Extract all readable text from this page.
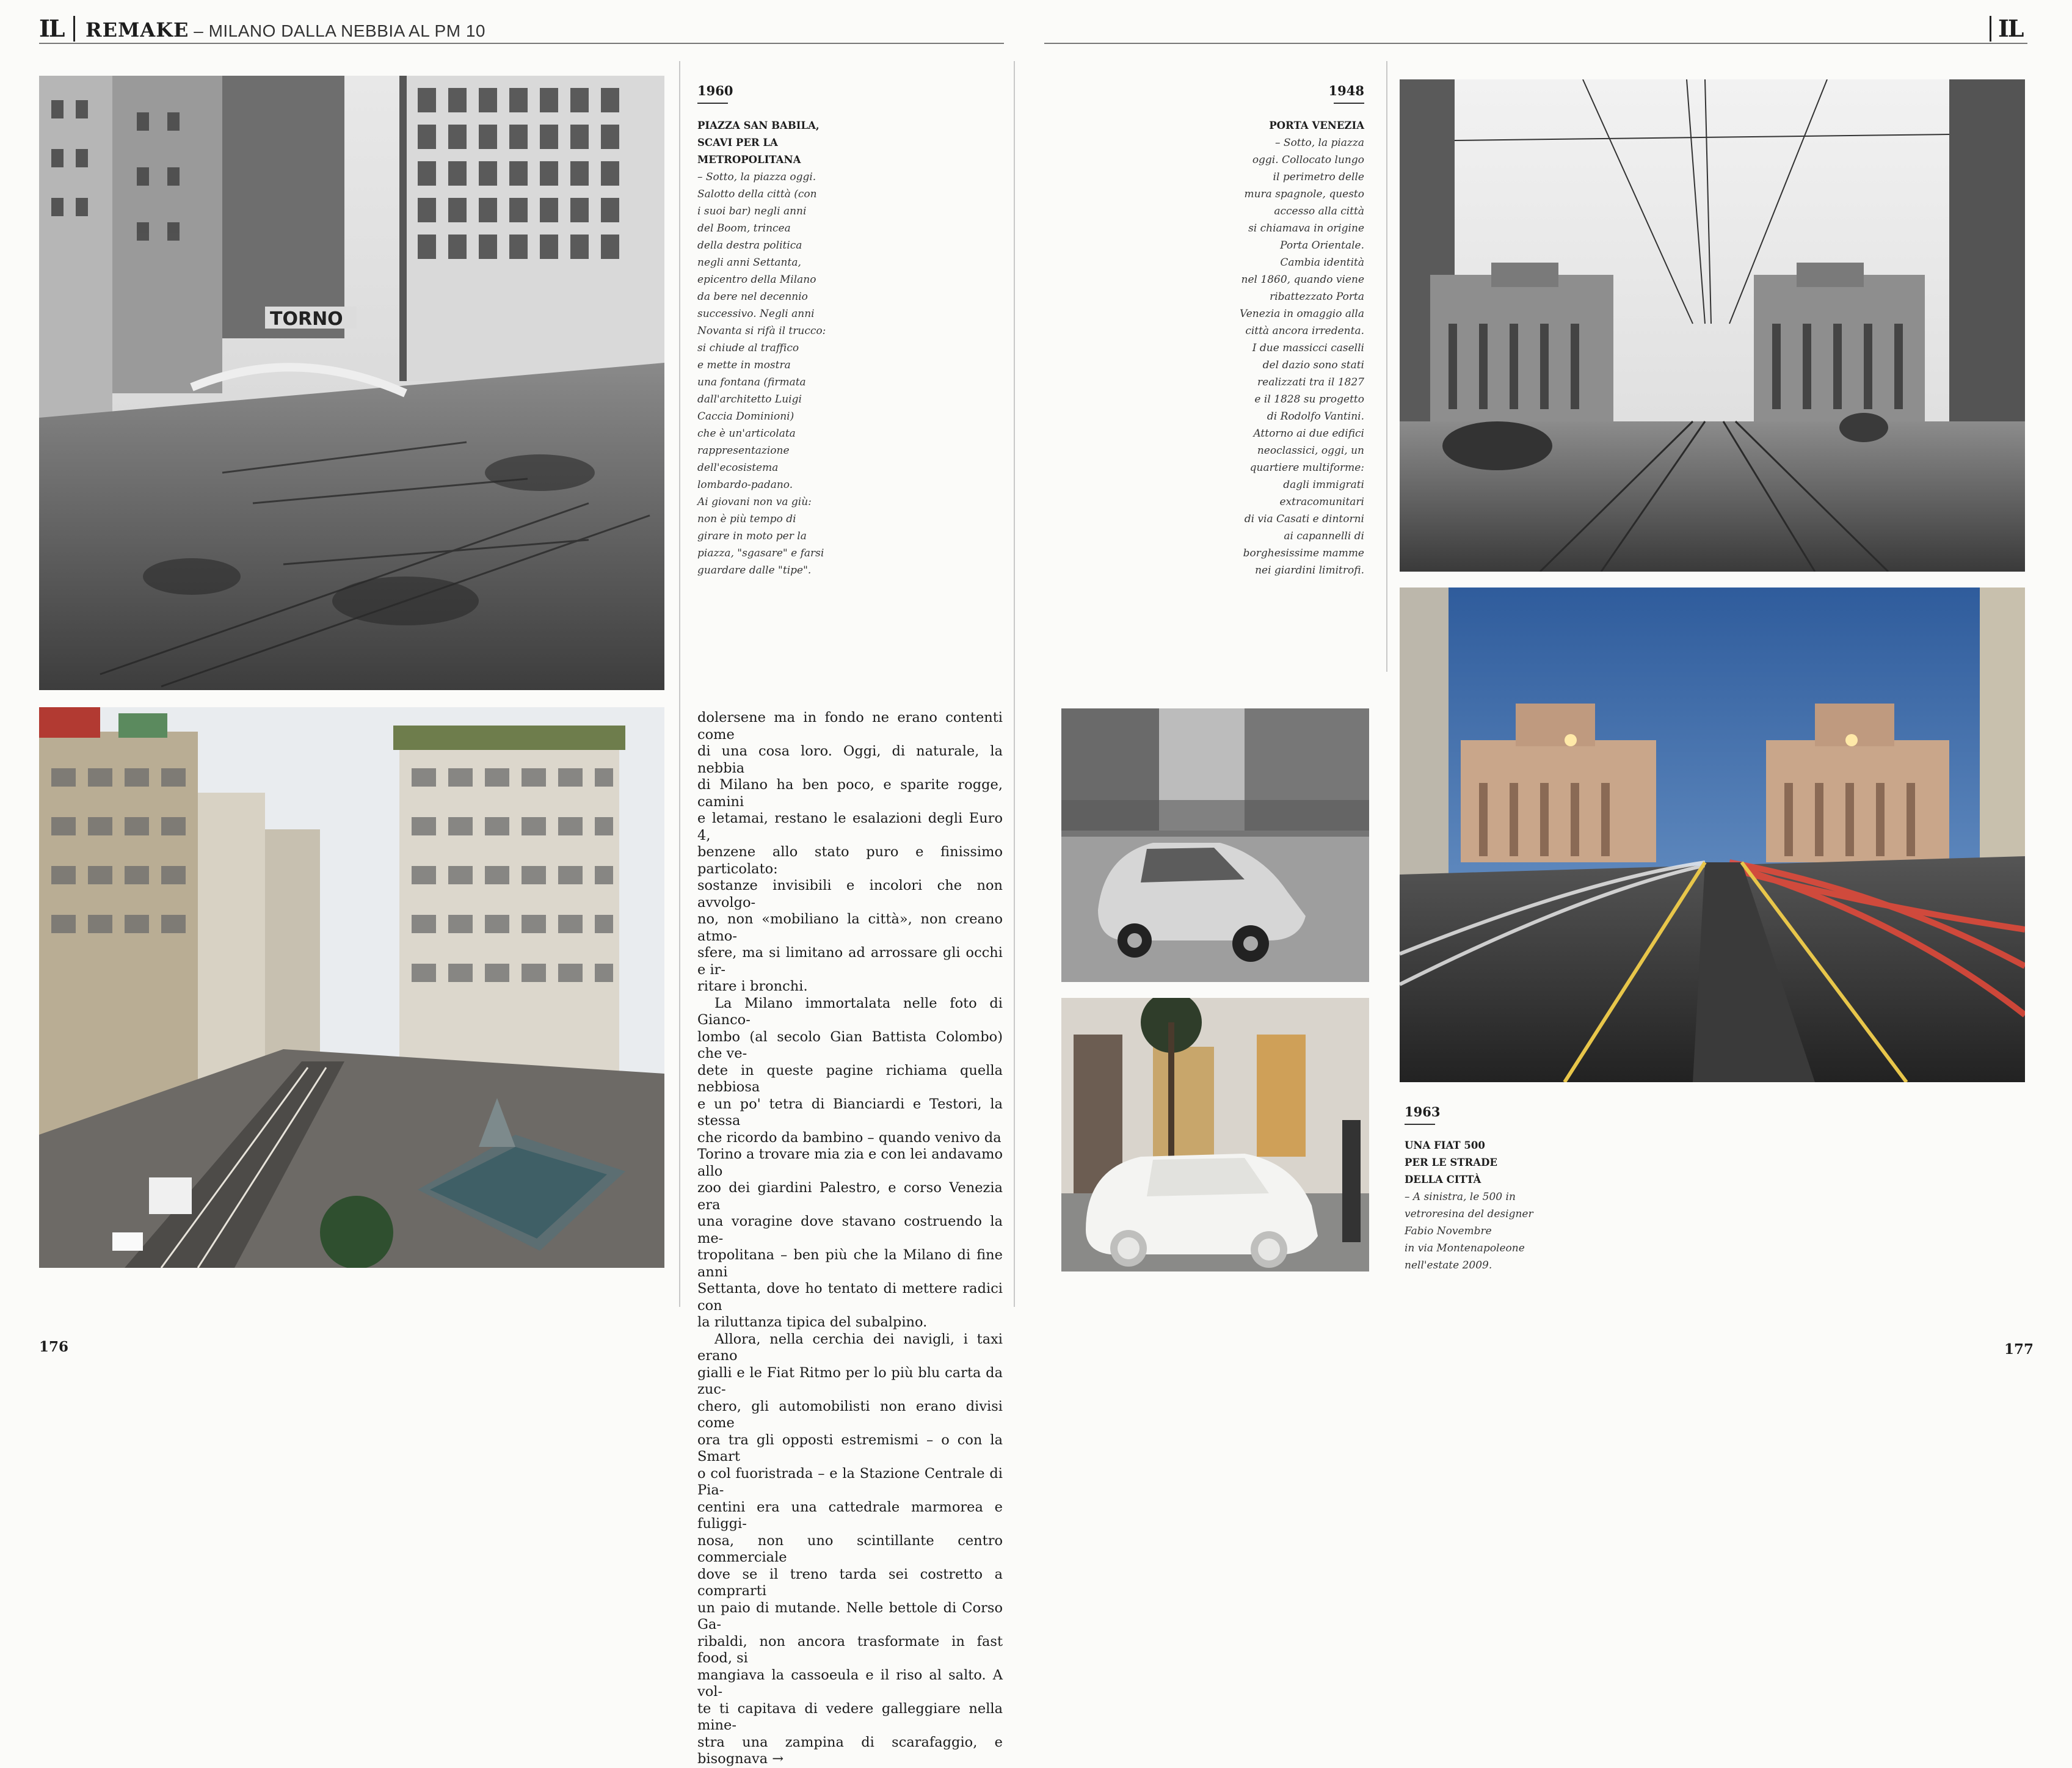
IL REMAKE – MILANO DALLA NEBBIA AL PM 10	IL
TORNO
1960
PIAZZA SAN BABILA,
SCAVI PER LA
METROPOLITANA
– Sotto, la piazza oggi.
Salotto della città (con
i suoi bar) negli anni
del Boom, trincea
della destra politica
negli anni Settanta,
epicentro della Milano
da bere nel decennio
successivo. Negli anni
Novanta si rifà il trucco:
si chiude al traffico
e mette in mostra
una fontana (firmata
dall'architetto Luigi
Caccia Dominioni)
che è un'articolata
rappresentazione
dell'ecosistema
lombardo-padano.
Ai giovani non va giù:
non è più tempo di
girare in moto per la
piazza, "sgasare" e farsi
guardare dalle "tipe".
dolersene ma in fondo ne erano contenti come
di una cosa loro. Oggi, di naturale, la nebbia
di Milano ha ben poco, e sparite rogge, camini
e letamai, restano le esalazioni degli Euro 4,
benzene allo stato puro e finissimo particolato:
sostanze invisibili e incolori che non avvolgo-
no, non «mobiliano la città», non creano atmo-
sfere, ma si limitano ad arrossare gli occhi e ir-
ritare i bronchi.
La Milano immortalata nelle foto di Gianco-
lombo (al secolo Gian Battista Colombo) che ve-
dete in queste pagine richiama quella nebbiosa
e un po' tetra di Bianciardi e Testori, la stessa
che ricordo da bambino – quando venivo da
Torino a trovare mia zia e con lei andavamo allo
zoo dei giardini Palestro, e corso Venezia era
una voragine dove stavano costruendo la me-
tropolitana – ben più che la Milano di fine anni
Settanta, dove ho tentato di mettere radici con
la riluttanza tipica del subalpino.
Allora, nella cerchia dei navigli, i taxi erano
gialli e le Fiat Ritmo per lo più blu carta da zuc-
chero, gli automobilisti non erano divisi come
ora tra gli opposti estremismi – o con la Smart
o col fuoristrada – e la Stazione Centrale di Pia-
centini era una cattedrale marmorea e fuliggi-
nosa, non uno scintillante centro commerciale
dove se il treno tarda sei costretto a comprarti
un paio di mutande. Nelle bettole di Corso Ga-
ribaldi, non ancora trasformate in fast food, si
mangiava la cassoeula e il riso al salto. A vol-
te ti capitava di vedere galleggiare nella mine-
stra una zampina di scarafaggio, e bisognava →
176	177
1948
PORTA VENEZIA
– Sotto, la piazza
oggi. Collocato lungo
il perimetro delle
mura spagnole, questo
accesso alla città
si chiamava in origine
Porta Orientale.
Cambia identità
nel 1860, quando viene
ribattezzato Porta
Venezia in omaggio alla
città ancora irredenta.
I due massicci caselli
del dazio sono stati
realizzati tra il 1827
e il 1828 su progetto
di Rodolfo Vantini.
Attorno ai due edifici
neoclassici, oggi, un
quartiere multiforme:
dagli immigrati
extracomunitari
di via Casati e dintorni
ai capannelli di
borghesissime mamme
nei giardini limitrofi.
1963
UNA FIAT 500
PER LE STRADE
DELLA CITTÀ
– A sinistra, le 500 in
vetroresina del designer
Fabio Novembre
in via Montenapoleone
nell'estate 2009.
